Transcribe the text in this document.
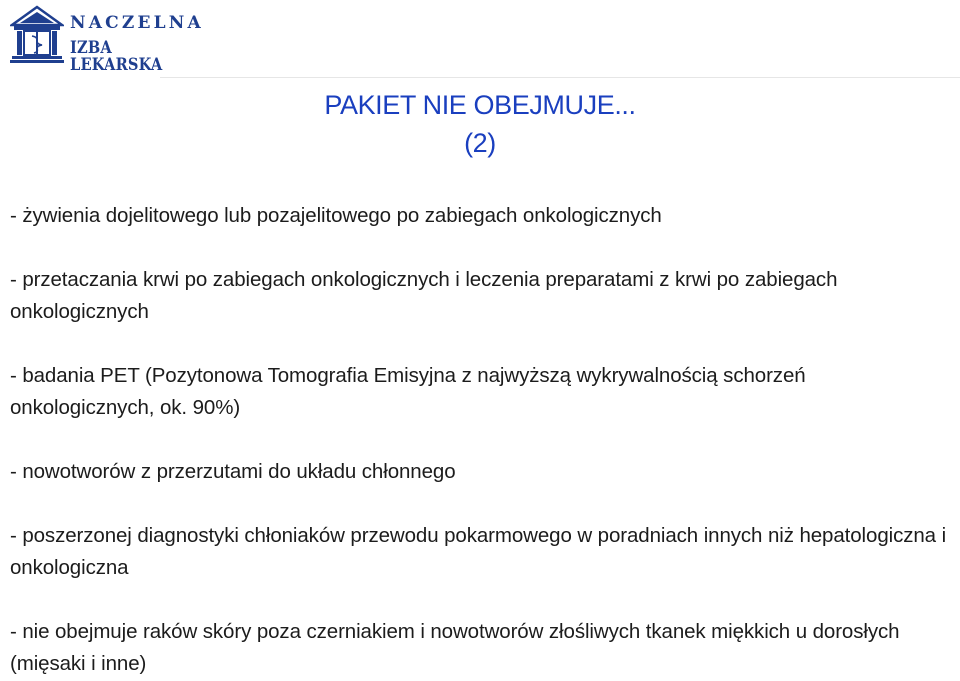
NACZELNA
IZBA LEKARSKA
PAKIET NIE OBEJMUJE...
(2)

- żywienia dojelitowego lub pozajelitowego po zabiegach onkologicznych

- przetaczania krwi po zabiegach onkologicznych i leczenia preparatami z krwi po zabiegach onkologicznych

- badania PET (Pozytonowa Tomografia Emisyjna z najwyższą wykrywalnością schorzeń onkologicznych, ok. 90%)

- nowotworów z przerzutami do układu chłonnego

- poszerzonej diagnostyki chłoniaków przewodu pokarmowego w poradniach innych niż hepatologiczna i onkologiczna

- nie obejmuje raków skóry poza czerniakiem i nowotworów złośliwych tkanek miękkich u dorosłych (mięsaki i inne)
